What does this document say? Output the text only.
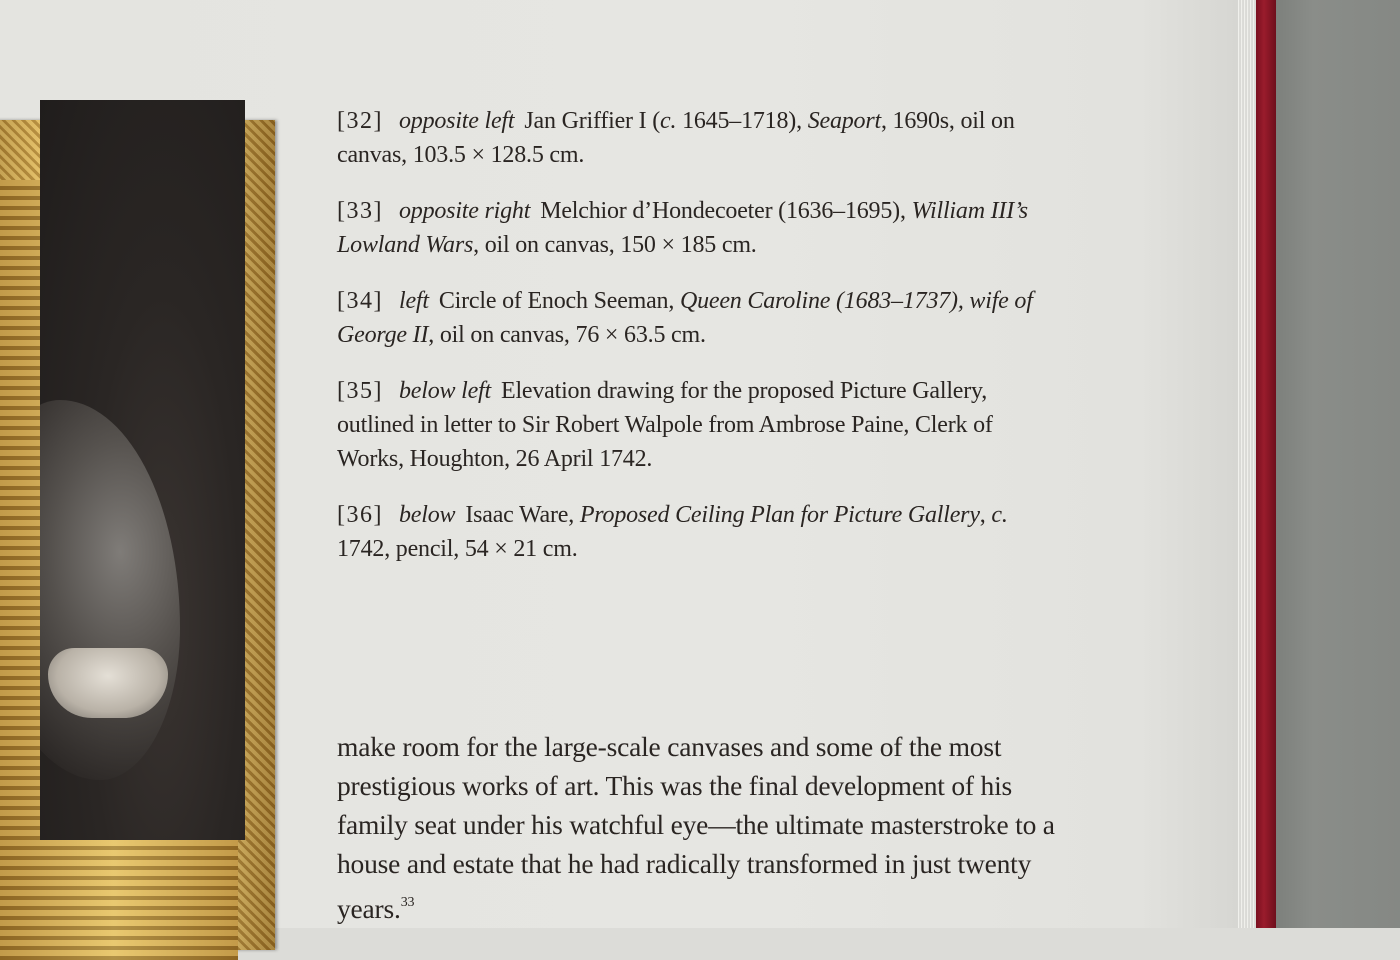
[32] opposite left Jan Griffier I (c. 1645–1718), Seaport, 1690s, oil on canvas, 103.5 × 128.5 cm.
[33] opposite right Melchior d’Hondecoeter (1636–1695), William III’s Lowland Wars, oil on canvas, 150 × 185 cm.
[34] left Circle of Enoch Seeman, Queen Caroline (1683–1737), wife of George II, oil on canvas, 76 × 63.5 cm.
[35] below left Elevation drawing for the proposed Picture Gallery, outlined in letter to Sir Robert Walpole from Ambrose Paine, Clerk of Works, Houghton, 26 April 1742.
[36] below Isaac Ware, Proposed Ceiling Plan for Picture Gallery, c. 1742, pencil, 54 × 21 cm.
make room for the large-scale canvases and some of the most prestigious works of art. This was the final development of his family seat under his watchful eye—the ultimate masterstroke to a house and estate that he had radically transformed in just twenty years.$^{33}$
